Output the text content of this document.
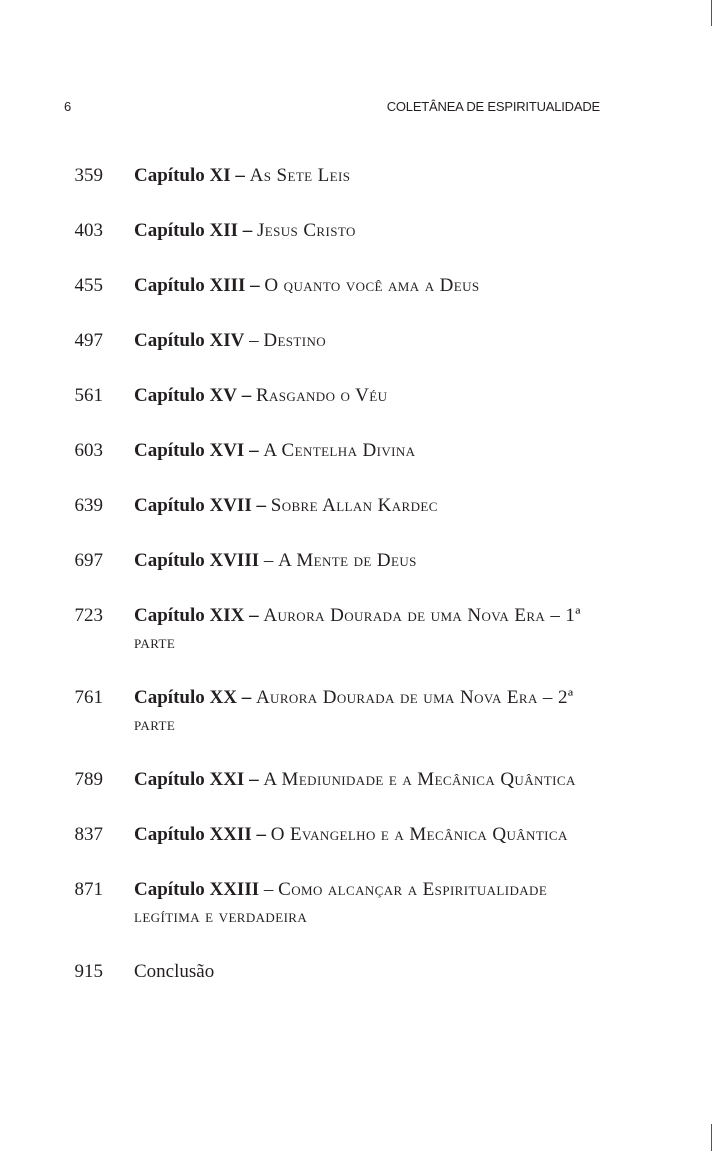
6	COLETÂNEA DE ESPIRITUALIDADE
359 Capítulo XI – As Sete Leis
403 Capítulo XII – Jesus Cristo
455 Capítulo XIII – O quanto você ama a Deus
497 Capítulo XIV – Destino
561 Capítulo XV – Rasgando o Véu
603 Capítulo XVI – A Centelha Divina
639 Capítulo XVII – Sobre Allan Kardec
697 Capítulo XVIII – A Mente de Deus
723 Capítulo XIX – Aurora Dourada de uma Nova Era – 1ª parte
761 Capítulo XX – Aurora Dourada de uma Nova Era – 2ª parte
789 Capítulo XXI – A Mediunidade e a Mecânica Quântica
837 Capítulo XXII – O Evangelho e a Mecânica Quântica
871 Capítulo XXIII – Como alcançar a Espiritualidade legítima e verdadeira
915 Conclusão
